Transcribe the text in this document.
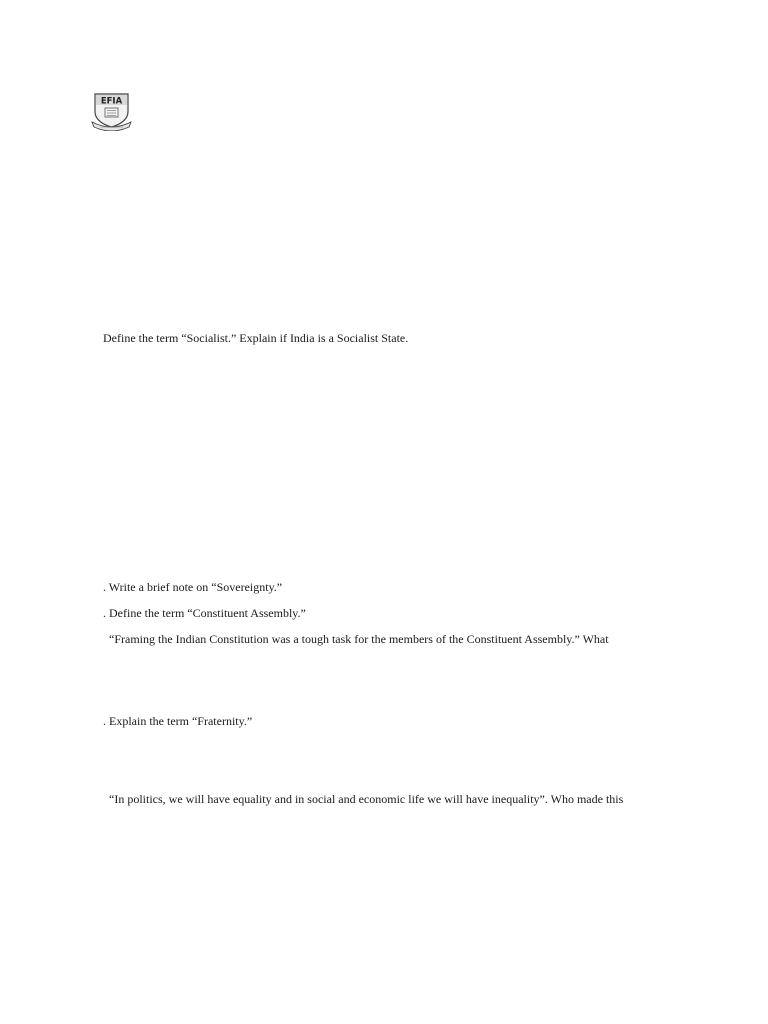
EFIA
Define the term “Socialist.” Explain if India is a Socialist State.
. Write a brief note on “Sovereignty.”
. Define the term “Constituent Assembly.”
“Framing the Indian Constitution was a tough task for the members of the Constituent Assembly.” What
. Explain the term “Fraternity.”
“In politics, we will have equality and in social and economic life we will have inequality”. Who made this
